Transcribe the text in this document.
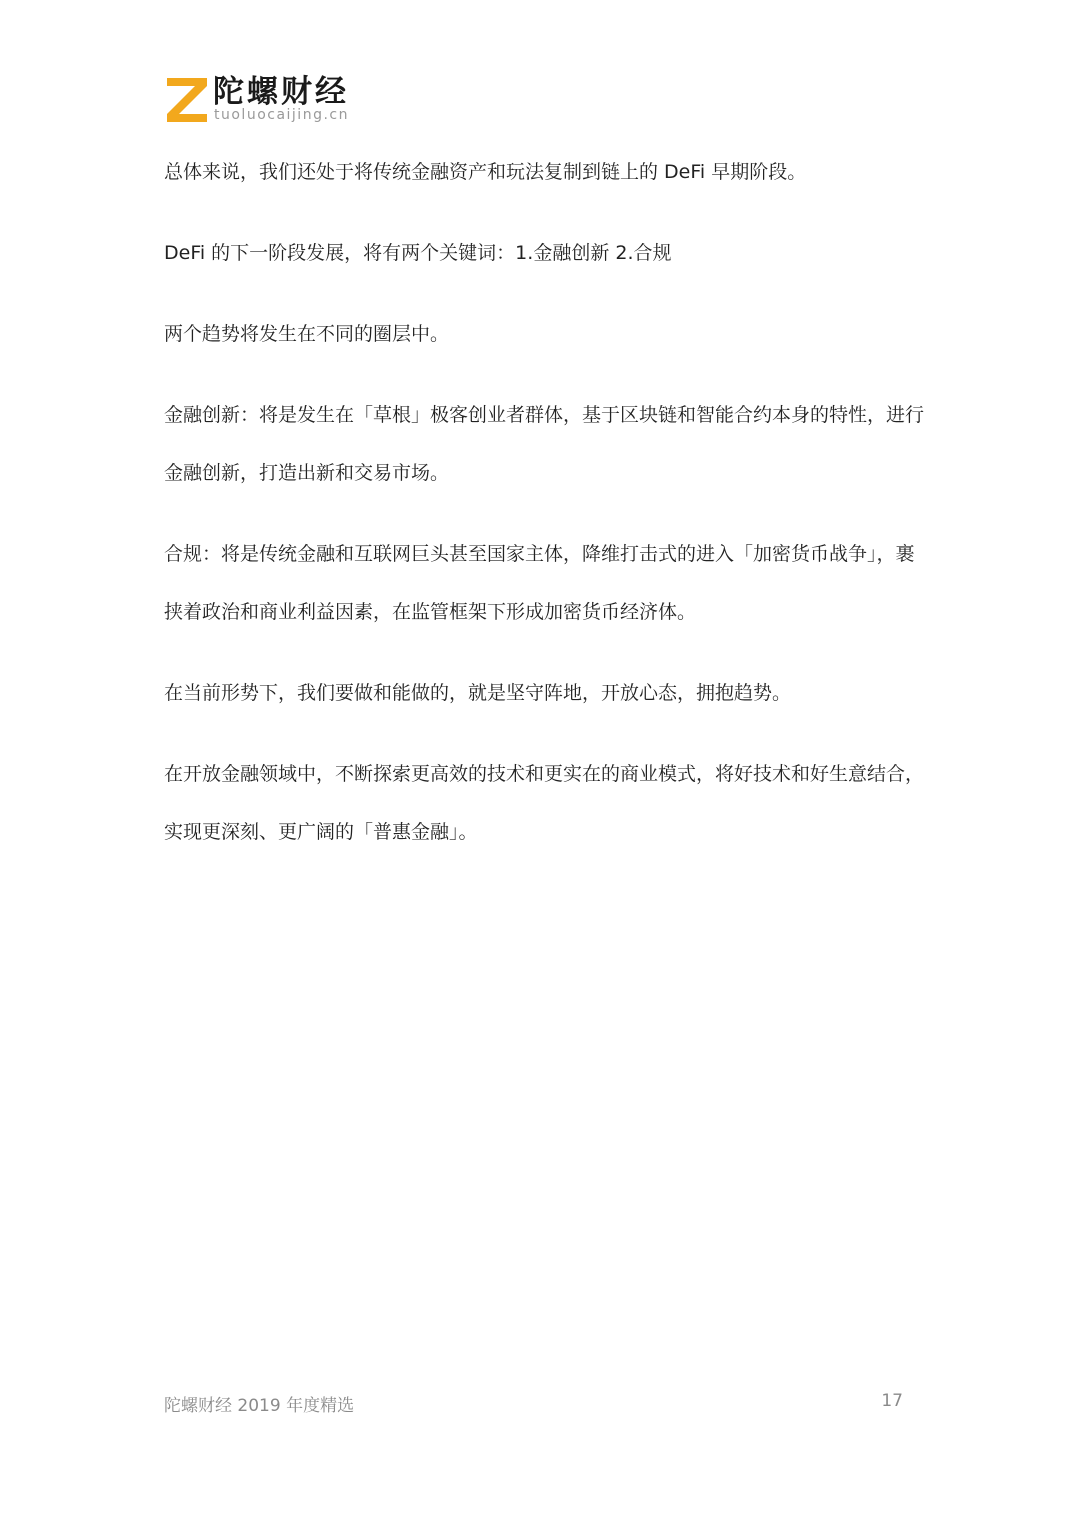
陀螺财经
tuoluocaijing.cn

总体来说，我们还处于将传统金融资产和玩法复制到链上的 DeFi 早期阶段。

DeFi 的下一阶段发展，将有两个关键词：1.金融创新 2.合规

两个趋势将发生在不同的圈层中。

金融创新：将是发生在「草根」极客创业者群体，基于区块链和智能合约本身的特性，进行金融创新，打造出新和交易市场。

合规：将是传统金融和互联网巨头甚至国家主体，降维打击式的进入「加密货币战争」，裹挟着政治和商业利益因素，在监管框架下形成加密货币经济体。

在当前形势下，我们要做和能做的，就是坚守阵地，开放心态，拥抱趋势。

在开放金融领域中，不断探索更高效的技术和更实在的商业模式，将好技术和好生意结合，实现更深刻、更广阔的「普惠金融」。

陀螺财经 2019 年度精选	17
